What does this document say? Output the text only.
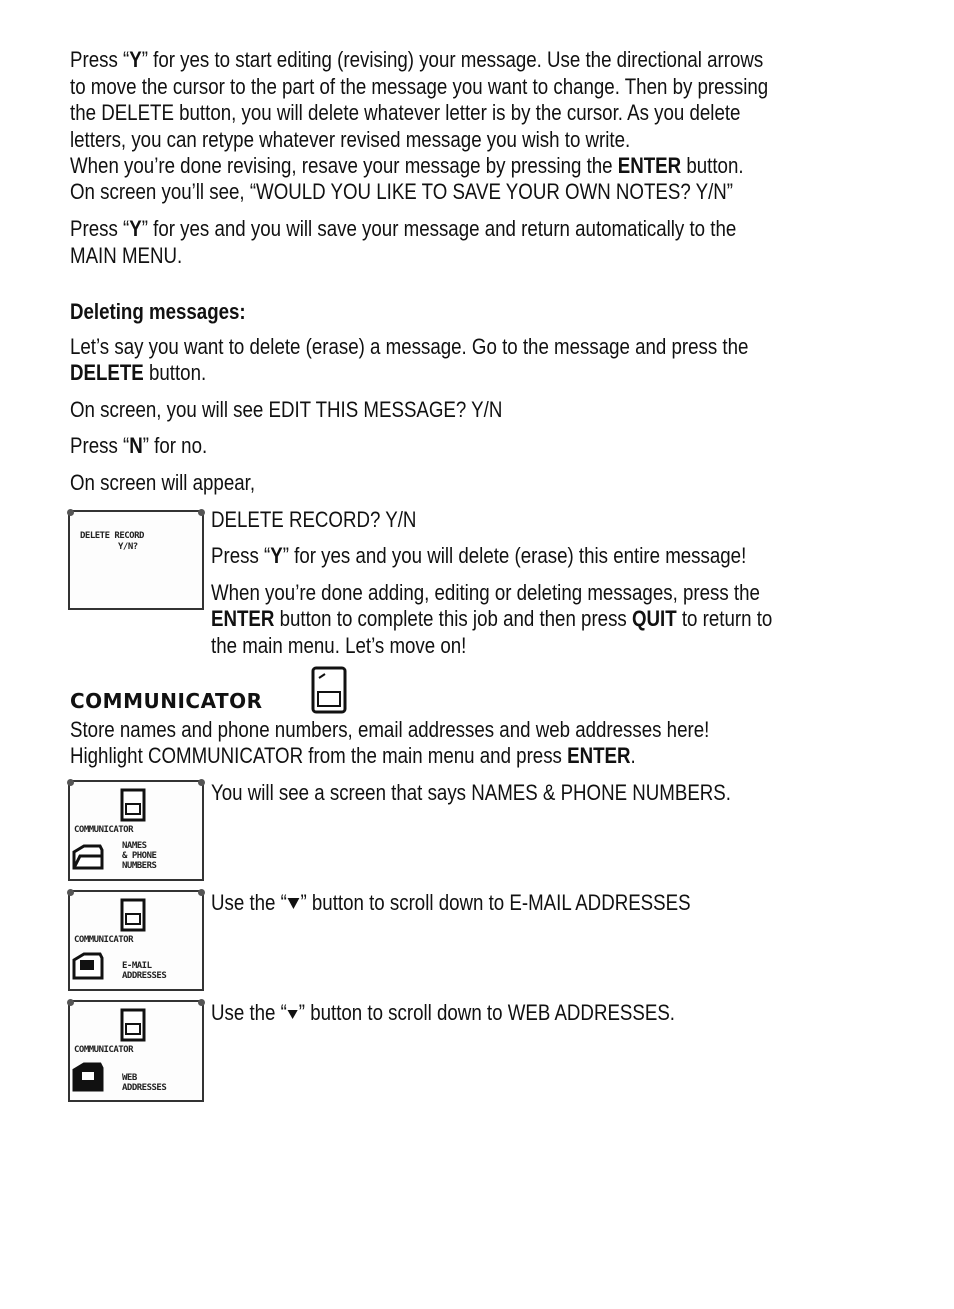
Press “Y” for yes to start editing (revising) your message. Use the directional arrows

to move the cursor to the part of the message you want to change. Then by pressing

the DELETE button, you will delete whatever letter is by the cursor. As you delete

letters, you can retype whatever revised message you wish to write.

When you’re done revising, resave your message by pressing the ENTER button.

On screen you’ll see, “WOULD YOU LIKE TO SAVE YOUR OWN NOTES? Y/N”

Press “Y” for yes and you will save your message and return automatically to the

MAIN MENU.

Deleting messages:

Let’s say you want to delete (erase) a message. Go to the message and press the

DELETE button.

On screen, you will see EDIT THIS MESSAGE? Y/N

Press “N” for no.

On screen will appear,

DELETE RECORD
Y/N?

DELETE RECORD? Y/N

Press “Y” for yes and you will delete (erase) this entire message!

When you’re done adding, editing or deleting messages, press the

ENTER button to complete this job and then press QUIT to return to

the main menu. Let’s move on!

COMMUNICATOR

Store names and phone numbers, email addresses and web addresses here!

Highlight COMMUNICATOR from the main menu and press ENTER.

COMMUNICATOR
NAMES
& PHONE
NUMBERS

You will see a screen that says NAMES & PHONE NUMBERS.

COMMUNICATOR
E-MAIL
ADDRESSES

Use the “ ” button to scroll down to E-MAIL ADDRESSES

COMMUNICATOR
WEB
ADDRESSES

Use the “ ” button to scroll down to WEB ADDRESSES.
